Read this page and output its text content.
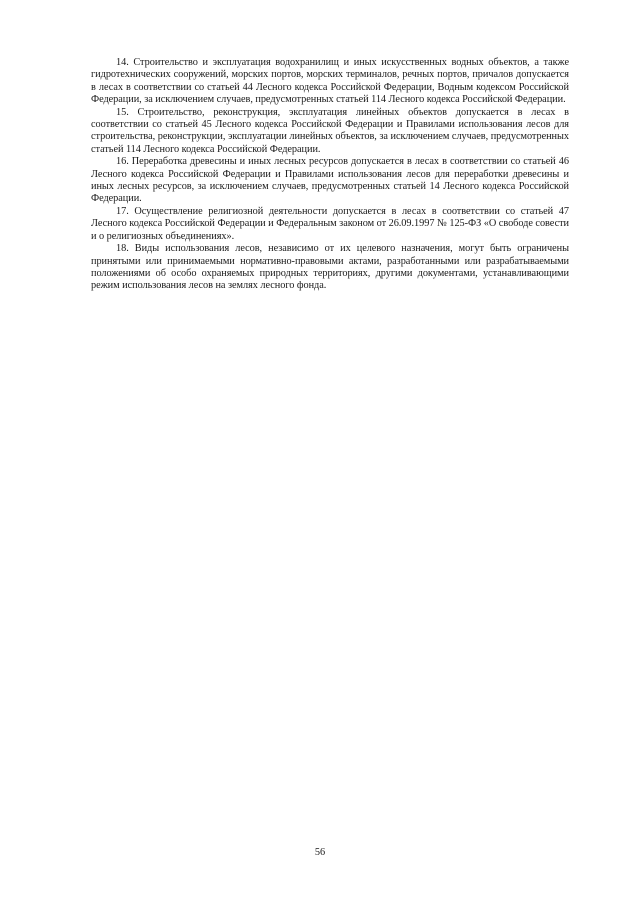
14. Строительство и эксплуатация водохранилищ и иных искусственных водных объектов, а также гидротехнических сооружений, морских портов, морских терминалов, речных портов, причалов допускается в лесах в соответствии со статьей 44 Лесного кодекса Российской Федерации, Водным кодексом Российской Федерации, за исключением случаев, предусмотренных статьей 114 Лесного кодекса Российской Федерации.

15. Строительство, реконструкция, эксплуатация линейных объектов допускается в лесах в соответствии со статьей 45 Лесного кодекса Российской Федерации и Правилами использования лесов для строительства, реконструкции, эксплуатации линейных объектов, за исключением случаев, предусмотренных статьей 114 Лесного кодекса Российской Федерации.

16. Переработка древесины и иных лесных ресурсов допускается в лесах в соответствии со статьей 46 Лесного кодекса Российской Федерации и Правилами использования лесов для переработки древесины и иных лесных ресурсов, за исключением случаев, предусмотренных статьей 14 Лесного кодекса Российской Федерации.

17. Осуществление религиозной деятельности допускается в лесах в соответствии со статьей 47 Лесного кодекса Российской Федерации и Федеральным законом от 26.09.1997 № 125-ФЗ «О свободе совести и о религиозных объединениях».

18. Виды использования лесов, независимо от их целевого назначения, могут быть ограничены принятыми или принимаемыми нормативно-правовыми актами, разработанными или разрабатываемыми положениями об особо охраняемых природных территориях, другими документами, устанавливающими режим использования лесов на землях лесного фонда.

56
